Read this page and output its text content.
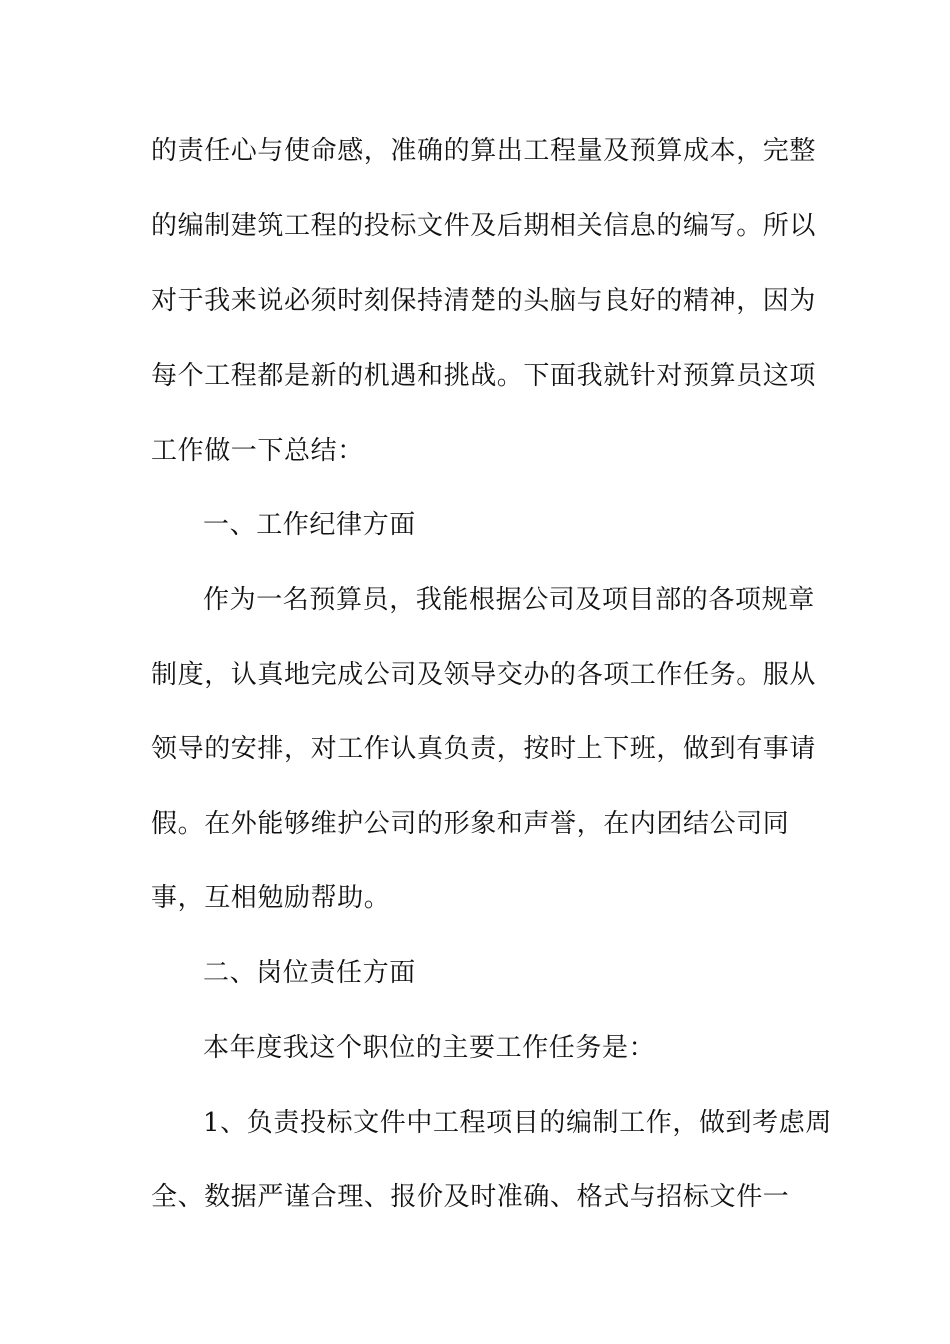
的责任心与使命感，准确的算出工程量及预算成本，完整
的编制建筑工程的投标文件及后期相关信息的编写。所以
对于我来说必须时刻保持清楚的头脑与良好的精神，因为
每个工程都是新的机遇和挑战。下面我就针对预算员这项
工作做一下总结：
一、工作纪律方面
作为一名预算员，我能根据公司及项目部的各项规章
制度，认真地完成公司及领导交办的各项工作任务。服从
领导的安排，对工作认真负责，按时上下班，做到有事请
假。在外能够维护公司的形象和声誉，在内团结公司同
事，互相勉励帮助。
二、岗位责任方面
本年度我这个职位的主要工作任务是：
1、负责投标文件中工程项目的编制工作，做到考虑周
全、数据严谨合理、报价及时准确、格式与招标文件一
